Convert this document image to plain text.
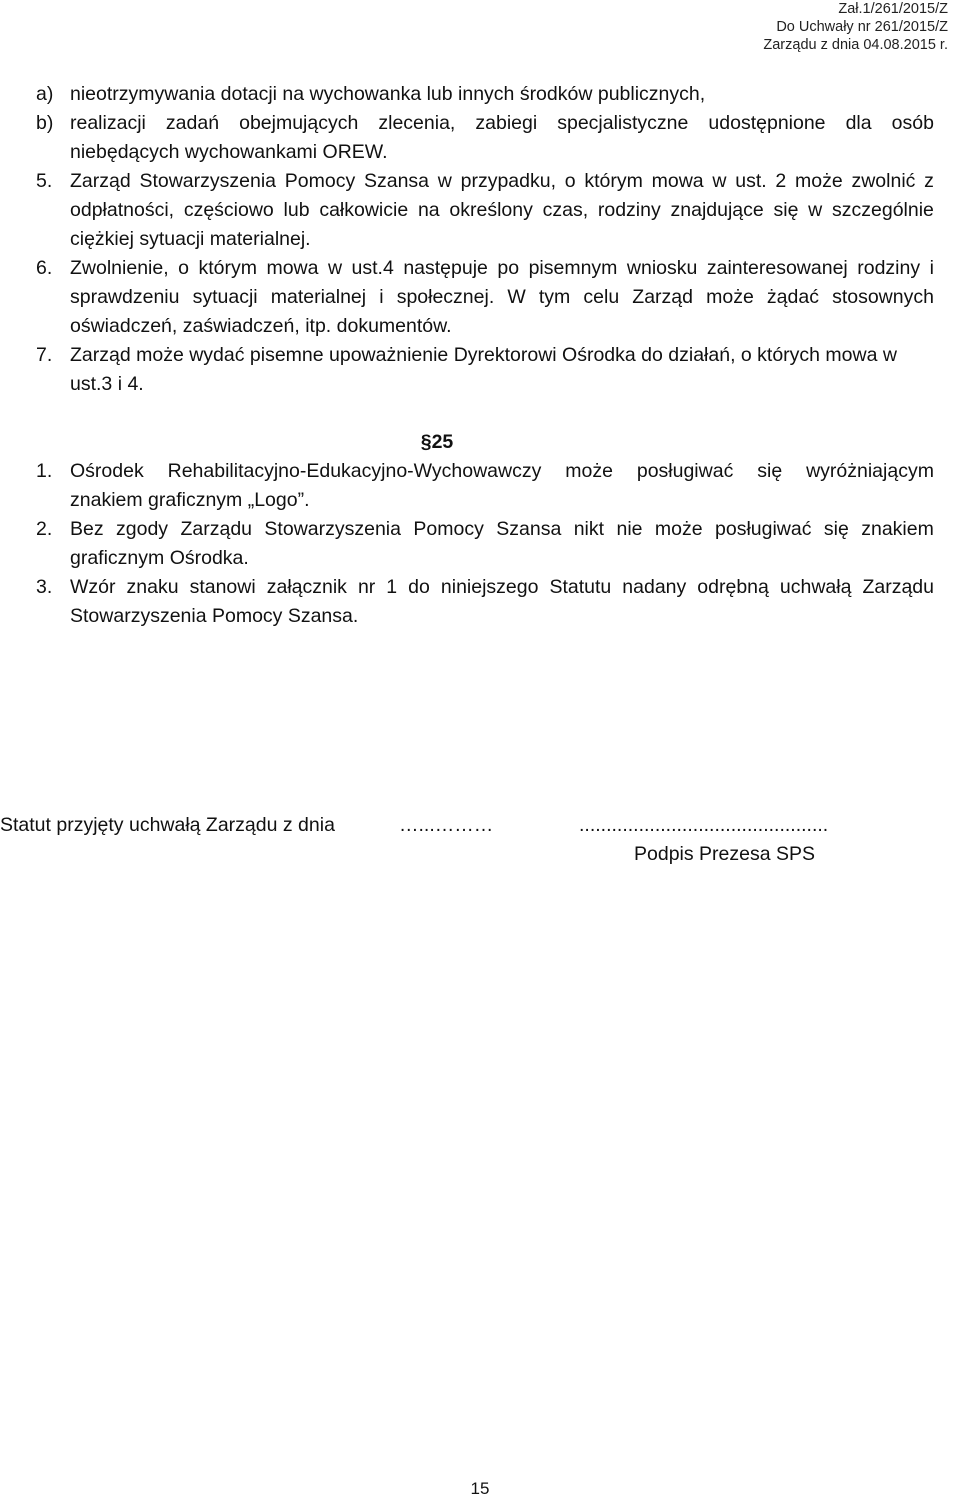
Zał.1/261/2015/Z
Do Uchwały nr 261/2015/Z
Zarządu z dnia 04.08.2015 r.
a) nieotrzymywania dotacji na wychowanka lub innych środków publicznych,
b) realizacji zadań obejmujących zlecenia, zabiegi specjalistyczne udostępnione dla osób
niebędących wychowankami OREW.
5. Zarząd Stowarzyszenia Pomocy Szansa w przypadku, o którym mowa w ust. 2 może zwolnić z
odpłatności, częściowo lub całkowicie na określony czas, rodziny znajdujące się w szczególnie
ciężkiej sytuacji materialnej.
6. Zwolnienie, o którym mowa w ust.4 następuje po pisemnym wniosku zainteresowanej rodziny i
sprawdzeniu sytuacji materialnej i społecznej. W tym celu Zarząd może żądać stosownych
oświadczeń, zaświadczeń, itp. dokumentów.
7. Zarząd może wydać pisemne upoważnienie Dyrektorowi Ośrodka do działań, o których mowa w
ust.3 i 4.
§25
1. Ośrodek Rehabilitacyjno-Edukacyjno-Wychowawczy może posługiwać się wyróżniającym
znakiem graficznym „Logo”.
2. Bez zgody Zarządu Stowarzyszenia Pomocy Szansa nikt nie może posługiwać się znakiem
graficznym Ośrodka.
3. Wzór znaku stanowi załącznik nr 1 do niniejszego Statutu nadany odrębną uchwałą Zarządu
Stowarzyszenia Pomocy Szansa.
Statut przyjęty uchwałą Zarządu z dnia	…...………	..............................................
Podpis Prezesa SPS
15
